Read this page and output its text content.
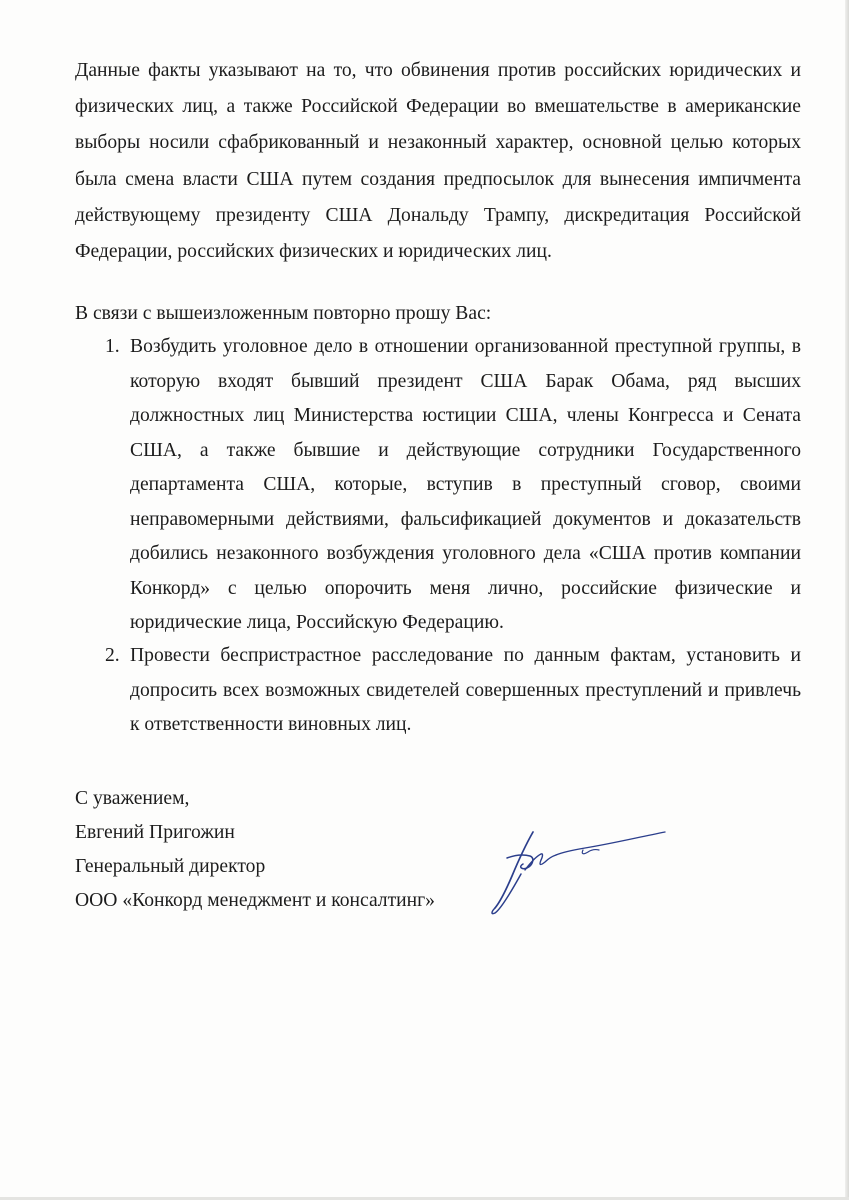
Данные факты указывают на то, что обвинения против российских юридических и физических лиц, а также Российской Федерации во вмешательстве в американские выборы носили сфабрикованный и незаконный характер, основной целью которых была смена власти США путем создания предпосылок для вынесения импичмента действующему президенту США Дональду Трампу, дискредитация Российской Федерации, российских физических и юридических лиц.

В связи с вышеизложенным повторно прошу Вас:

1. Возбудить уголовное дело в отношении организованной преступной группы, в которую входят бывший президент США Барак Обама, ряд высших должностных лиц Министерства юстиции США, члены Конгресса и Сената США, а также бывшие и действующие сотрудники Государственного департамента США, которые, вступив в преступный сговор, своими неправомерными действиями, фальсификацией документов и доказательств добились незаконного возбуждения уголовного дела «США против компании Конкорд» с целью опорочить меня лично, российские физические и юридические лица, Российскую Федерацию.
2. Провести беспристрастное расследование по данным фактам, установить и допросить всех возможных свидетелей совершенных преступлений и привлечь к ответственности виновных лиц.

С уважением,

Евгений Пригожин

Генеральный директор

ООО «Конкорд менеджмент и консалтинг»
